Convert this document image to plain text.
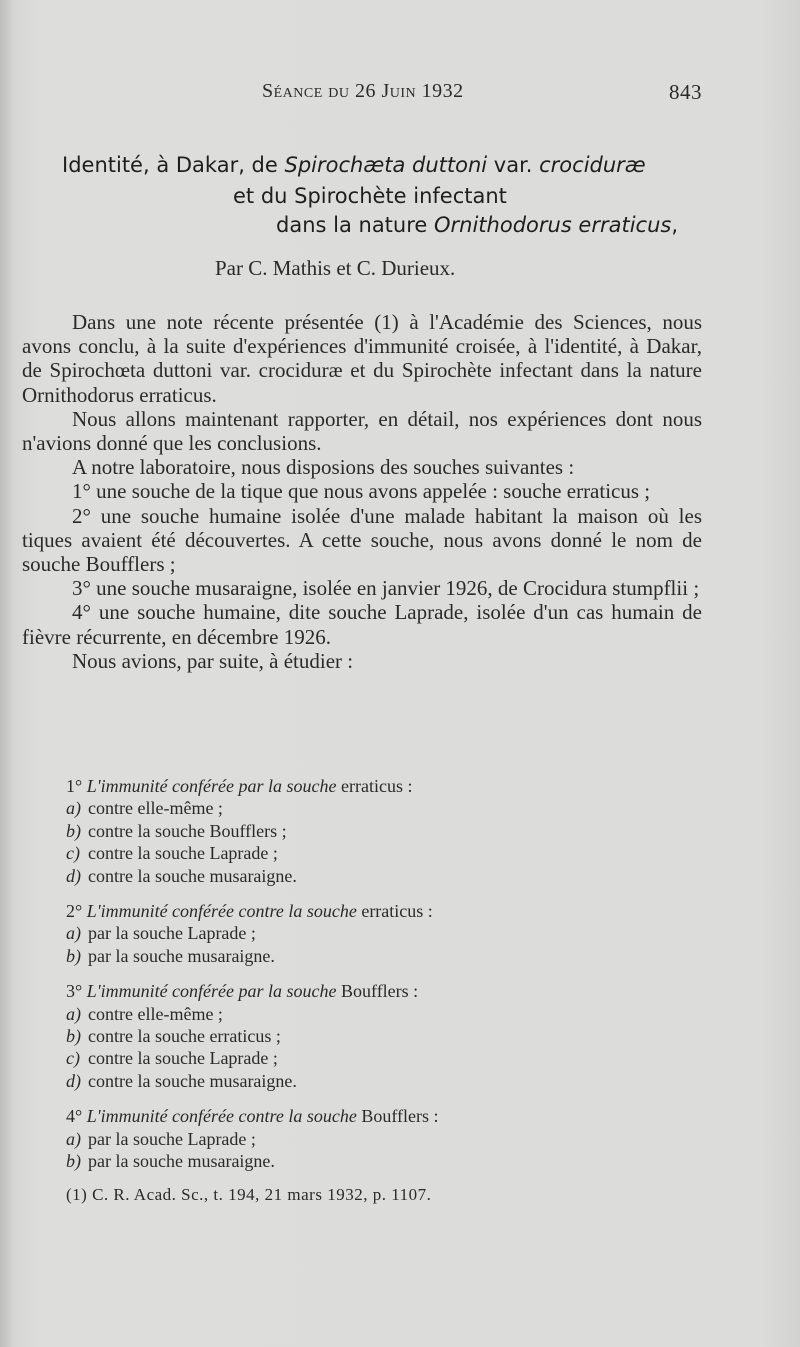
Séance du 26 Juin 1932	843
Identité, à Dakar, de Spirochæta duttoni var. crociduræ
et du Spirochète infectant
dans la nature Ornithodorus erraticus,
Par C. Mathis et C. Durieux.

Dans une note récente présentée (1) à l'Académie des Sciences, nous avons conclu, à la suite d'expériences d'immunité croisée, à l'identité, à Dakar, de Spirochœta duttoni var. crociduræ et du Spirochète infectant dans la nature Ornithodorus erraticus.

Nous allons maintenant rapporter, en détail, nos expériences dont nous n'avions donné que les conclusions.

A notre laboratoire, nous disposions des souches suivantes :

1° une souche de la tique que nous avons appelée : souche erraticus ;

2° une souche humaine isolée d'une malade habitant la maison où les tiques avaient été découvertes. A cette souche, nous avons donné le nom de souche Boufflers ;

3° une souche musaraigne, isolée en janvier 1926, de Crocidura stumpflii ;

4° une souche humaine, dite souche Laprade, isolée d'un cas humain de fièvre récurrente, en décembre 1926.

Nous avions, par suite, à étudier :

1° L'immunité conférée par la souche erraticus :
a) contre elle-même ;
b) contre la souche Boufflers ;
c) contre la souche Laprade ;
d) contre la souche musaraigne.
2° L'immunité conférée contre la souche erraticus :
a) par la souche Laprade ;
b) par la souche musaraigne.
3° L'immunité conférée par la souche Boufflers :
a) contre elle-même ;
b) contre la souche erraticus ;
c) contre la souche Laprade ;
d) contre la souche musaraigne.
4° L'immunité conférée contre la souche Boufflers :
a) par la souche Laprade ;
b) par la souche musaraigne.
(1) C. R. Acad. Sc., t. 194, 21 mars 1932, p. 1107.
